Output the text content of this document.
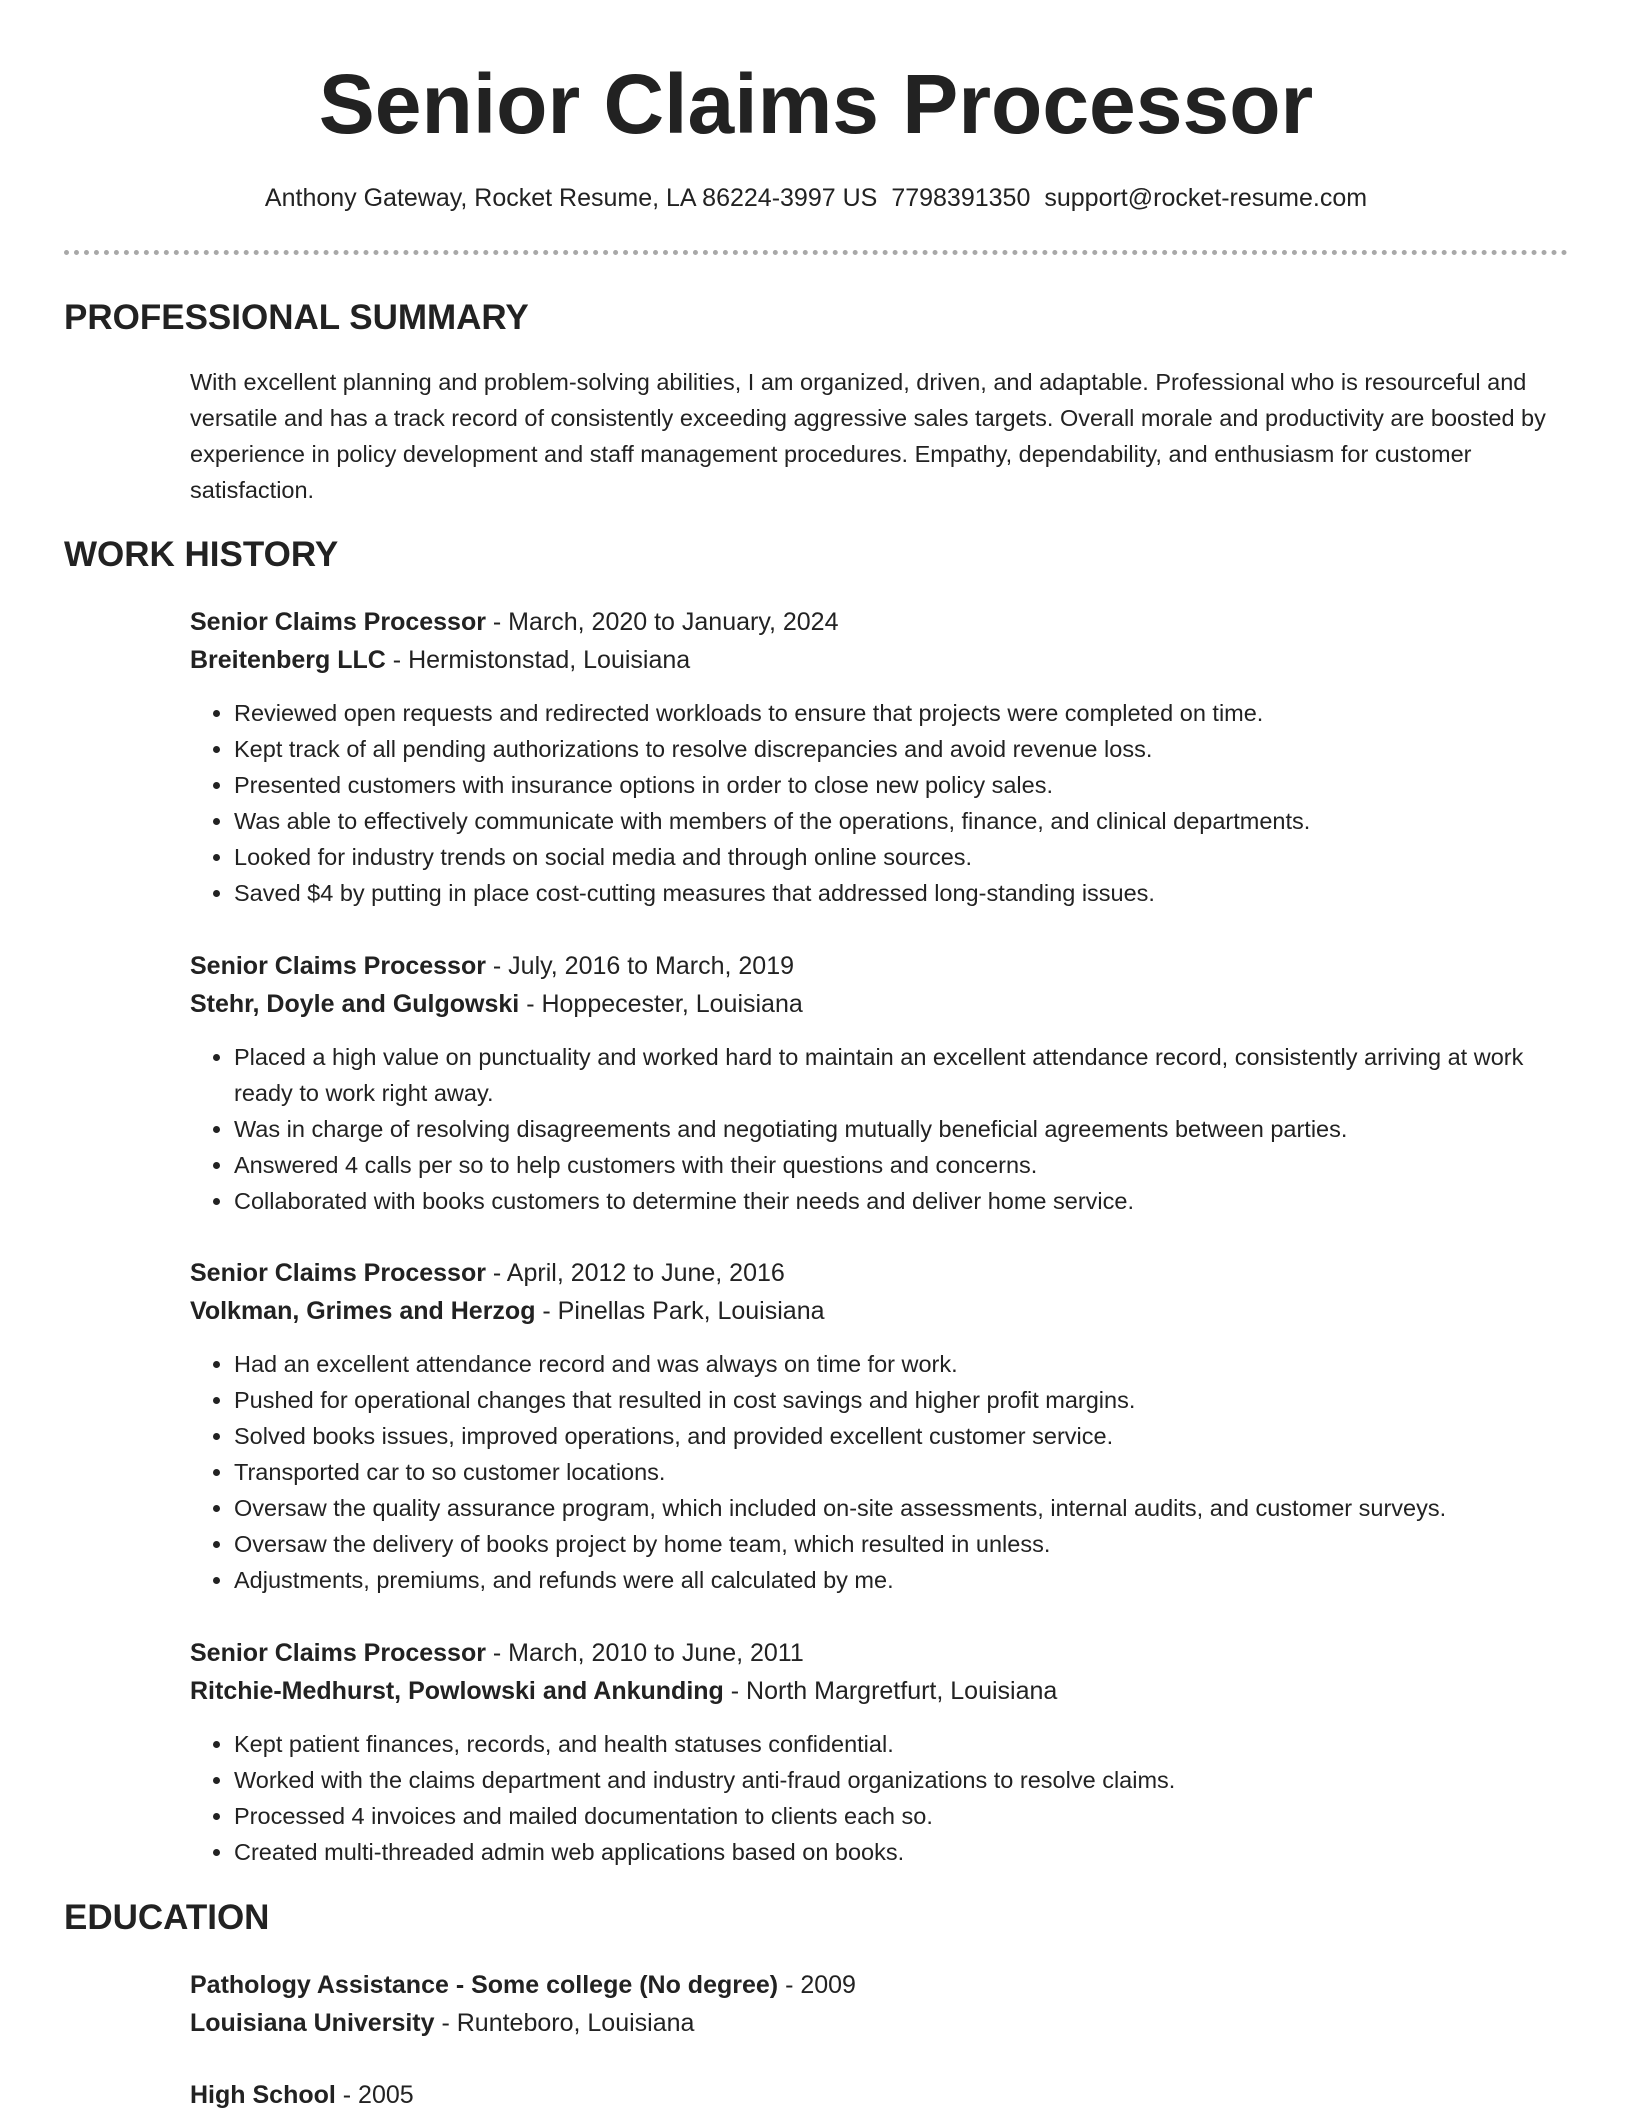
Senior Claims Processor
Anthony Gateway, Rocket Resume, LA 86224-3997 US 7798391350 support@rocket-resume.com
PROFESSIONAL SUMMARY

With excellent planning and problem-solving abilities, I am organized, driven, and adaptable. Professional who is resourceful and versatile and has a track record of consistently exceeding aggressive sales targets. Overall morale and productivity are boosted by experience in policy development and staff management procedures. Empathy, dependability, and enthusiasm for customer satisfaction.

WORK HISTORY
Senior Claims Processor - March, 2020 to January, 2024
Breitenberg LLC - Hermistonstad, Louisiana
• Reviewed open requests and redirected workloads to ensure that projects were completed on time.
• Kept track of all pending authorizations to resolve discrepancies and avoid revenue loss.
• Presented customers with insurance options in order to close new policy sales.
• Was able to effectively communicate with members of the operations, finance, and clinical departments.
• Looked for industry trends on social media and through online sources.
• Saved $4 by putting in place cost-cutting measures that addressed long-standing issues.
Senior Claims Processor - July, 2016 to March, 2019
Stehr, Doyle and Gulgowski - Hoppecester, Louisiana
• Placed a high value on punctuality and worked hard to maintain an excellent attendance record, consistently arriving at work ready to work right away.
• Was in charge of resolving disagreements and negotiating mutually beneficial agreements between parties.
• Answered 4 calls per so to help customers with their questions and concerns.
• Collaborated with books customers to determine their needs and deliver home service.
Senior Claims Processor - April, 2012 to June, 2016
Volkman, Grimes and Herzog - Pinellas Park, Louisiana
• Had an excellent attendance record and was always on time for work.
• Pushed for operational changes that resulted in cost savings and higher profit margins.
• Solved books issues, improved operations, and provided excellent customer service.
• Transported car to so customer locations.
• Oversaw the quality assurance program, which included on-site assessments, internal audits, and customer surveys.
• Oversaw the delivery of books project by home team, which resulted in unless.
• Adjustments, premiums, and refunds were all calculated by me.
Senior Claims Processor - March, 2010 to June, 2011
Ritchie-Medhurst, Powlowski and Ankunding - North Margretfurt, Louisiana
• Kept patient finances, records, and health statuses confidential.
• Worked with the claims department and industry anti-fraud organizations to resolve claims.
• Processed 4 invoices and mailed documentation to clients each so.
• Created multi-threaded admin web applications based on books.
EDUCATION
Pathology Assistance - Some college (No degree) - 2009
Louisiana University - Runteboro, Louisiana
High School - 2005
